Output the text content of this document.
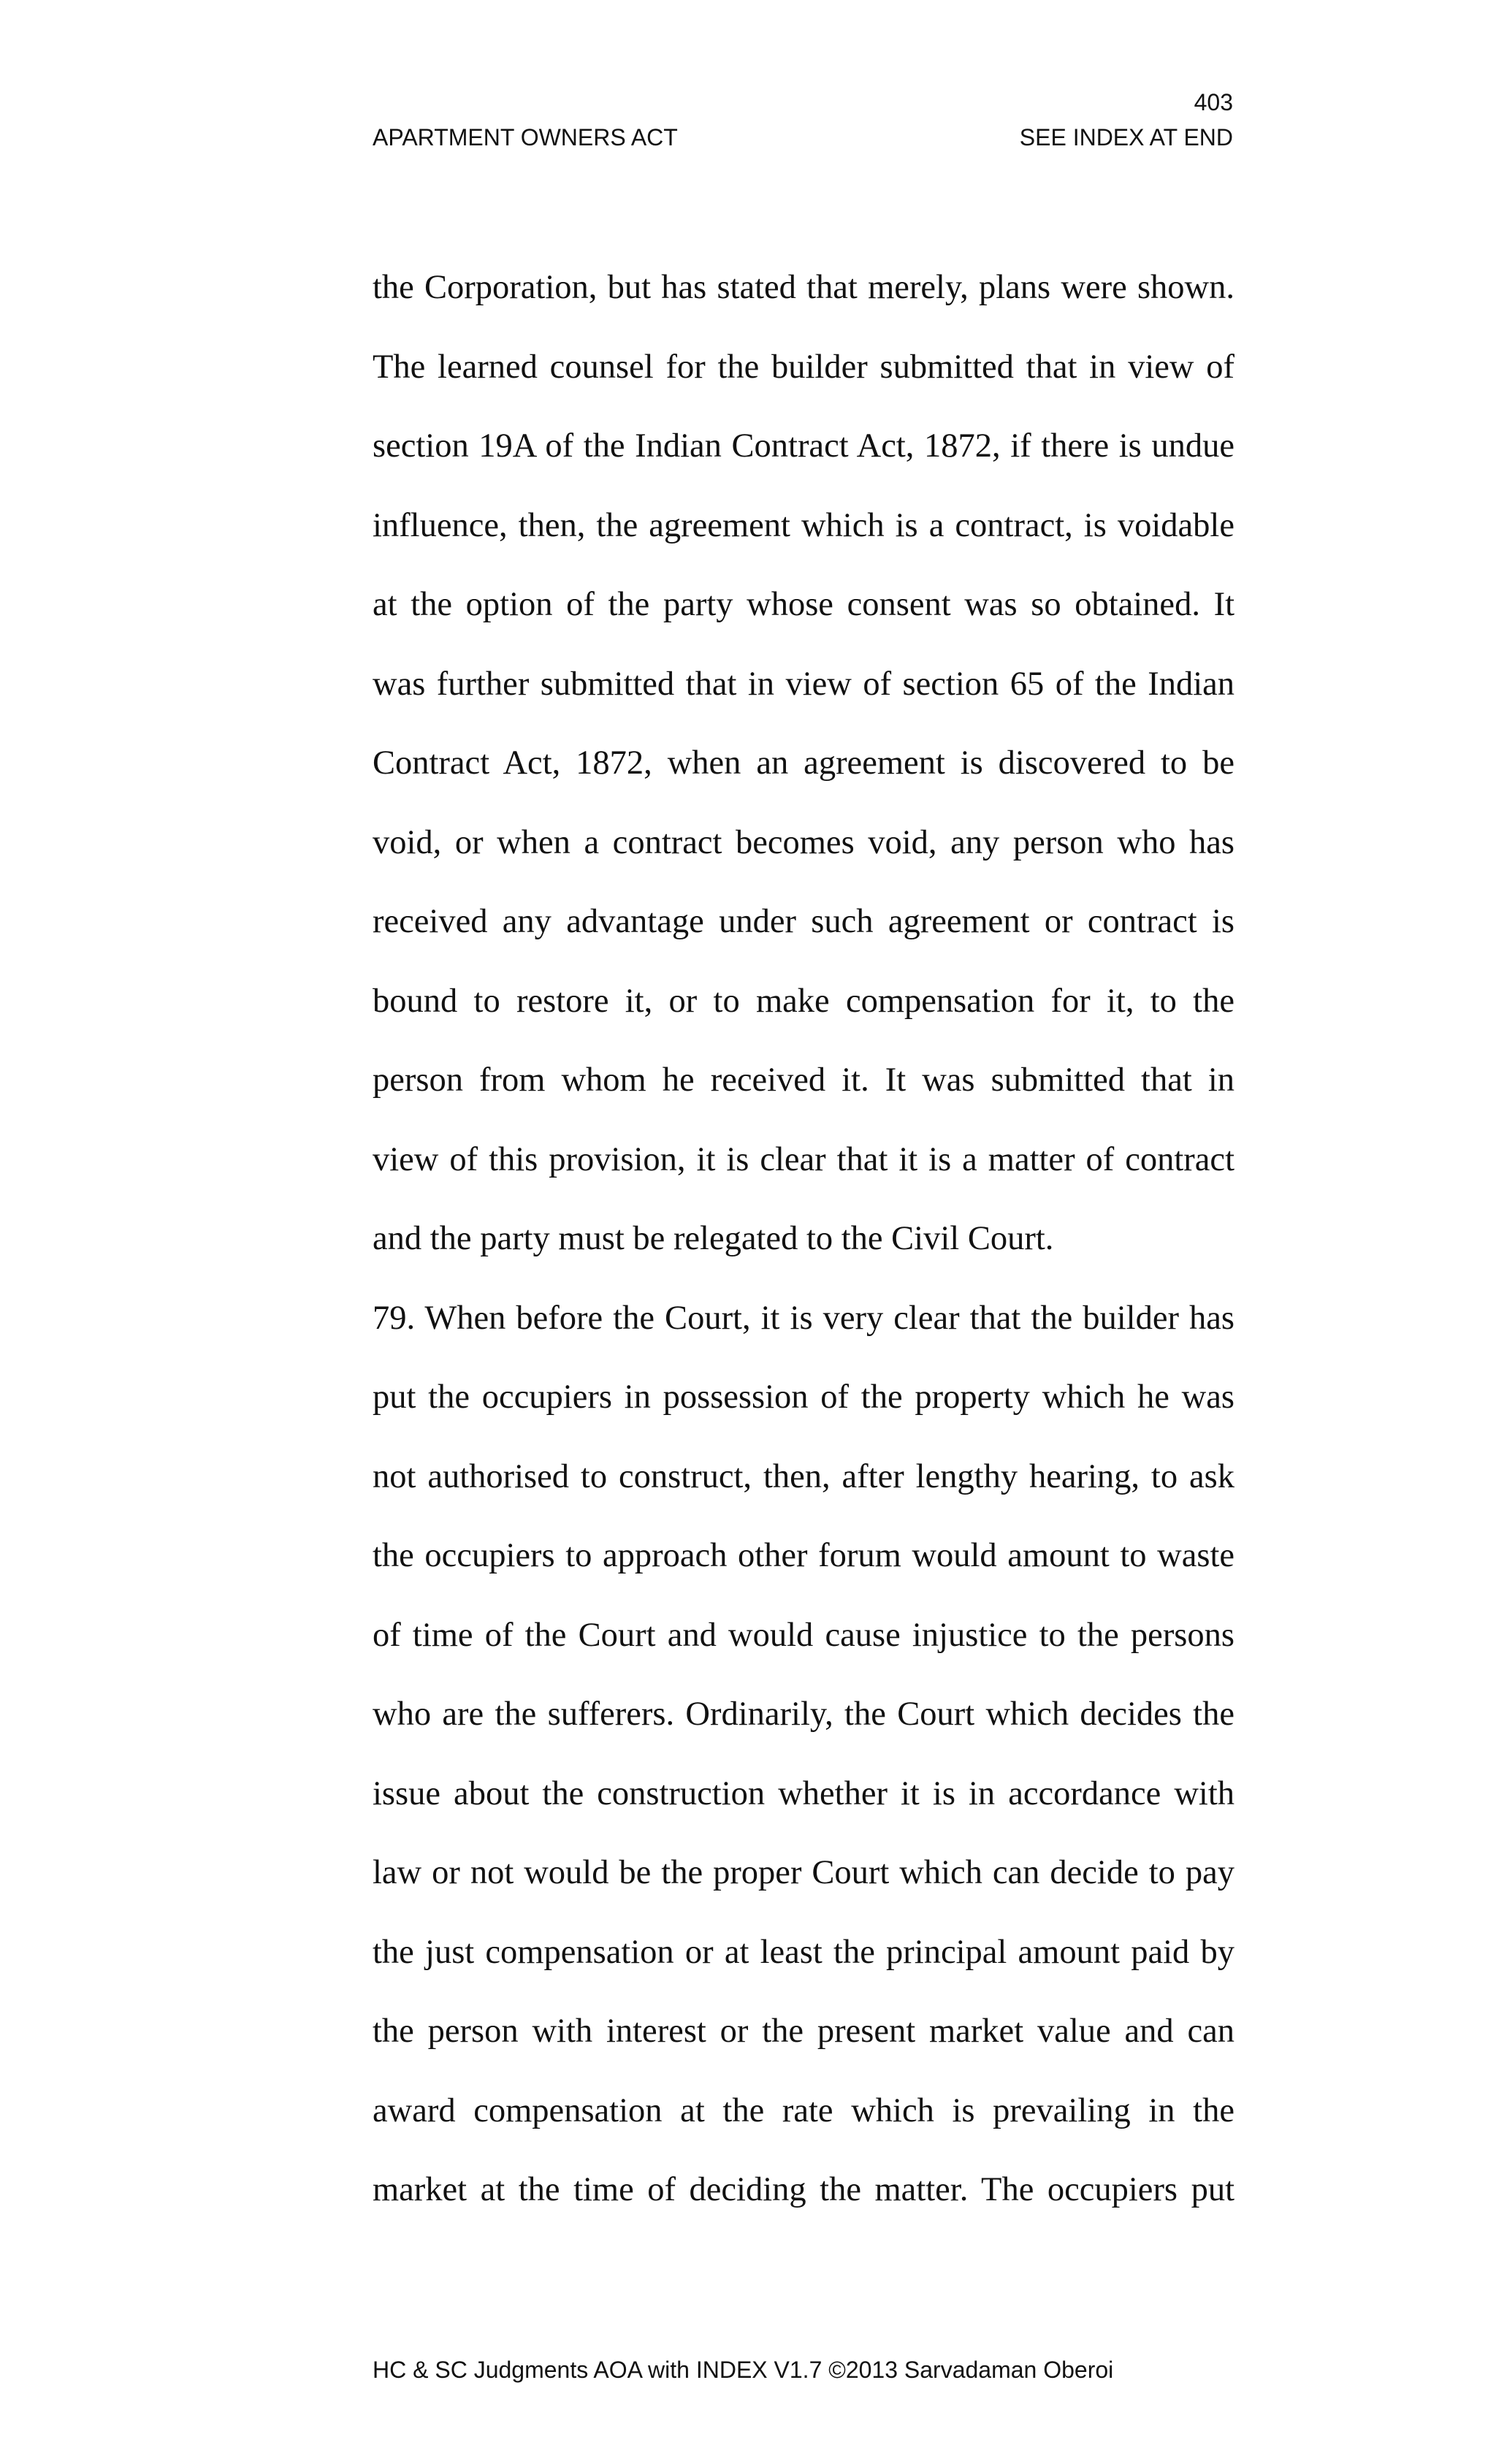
403
APARTMENT OWNERS ACT	SEE INDEX AT END
the Corporation, but has stated that merely, plans were shown.
The learned counsel for the builder submitted that in view of
section 19A of the Indian Contract Act, 1872, if there is undue
influence, then, the agreement which is a contract, is voidable
at the option of the party whose consent was so obtained. It
was further submitted that in view of section 65 of the Indian
Contract Act, 1872, when an agreement is discovered to be
void, or when a contract becomes void, any person who has
received any advantage under such agreement or contract is
bound to restore it, or to make compensation for it, to the
person from whom he received it. It was submitted that in
view of this provision, it is clear that it is a matter of contract
and the party must be relegated to the Civil Court.
79. When before the Court, it is very clear that the builder has
put the occupiers in possession of the property which he was
not authorised to construct, then, after lengthy hearing, to ask
the occupiers to approach other forum would amount to waste
of time of the Court and would cause injustice to the persons
who are the sufferers. Ordinarily, the Court which decides the
issue about the construction whether it is in accordance with
law or not would be the proper Court which can decide to pay
the just compensation or at least the principal amount paid by
the person with interest or the present market value and can
award compensation at the rate which is prevailing in the
market at the time of deciding the matter. The occupiers put
HC & SC Judgments AOA with INDEX V1.7 ©2013 Sarvadaman Oberoi
